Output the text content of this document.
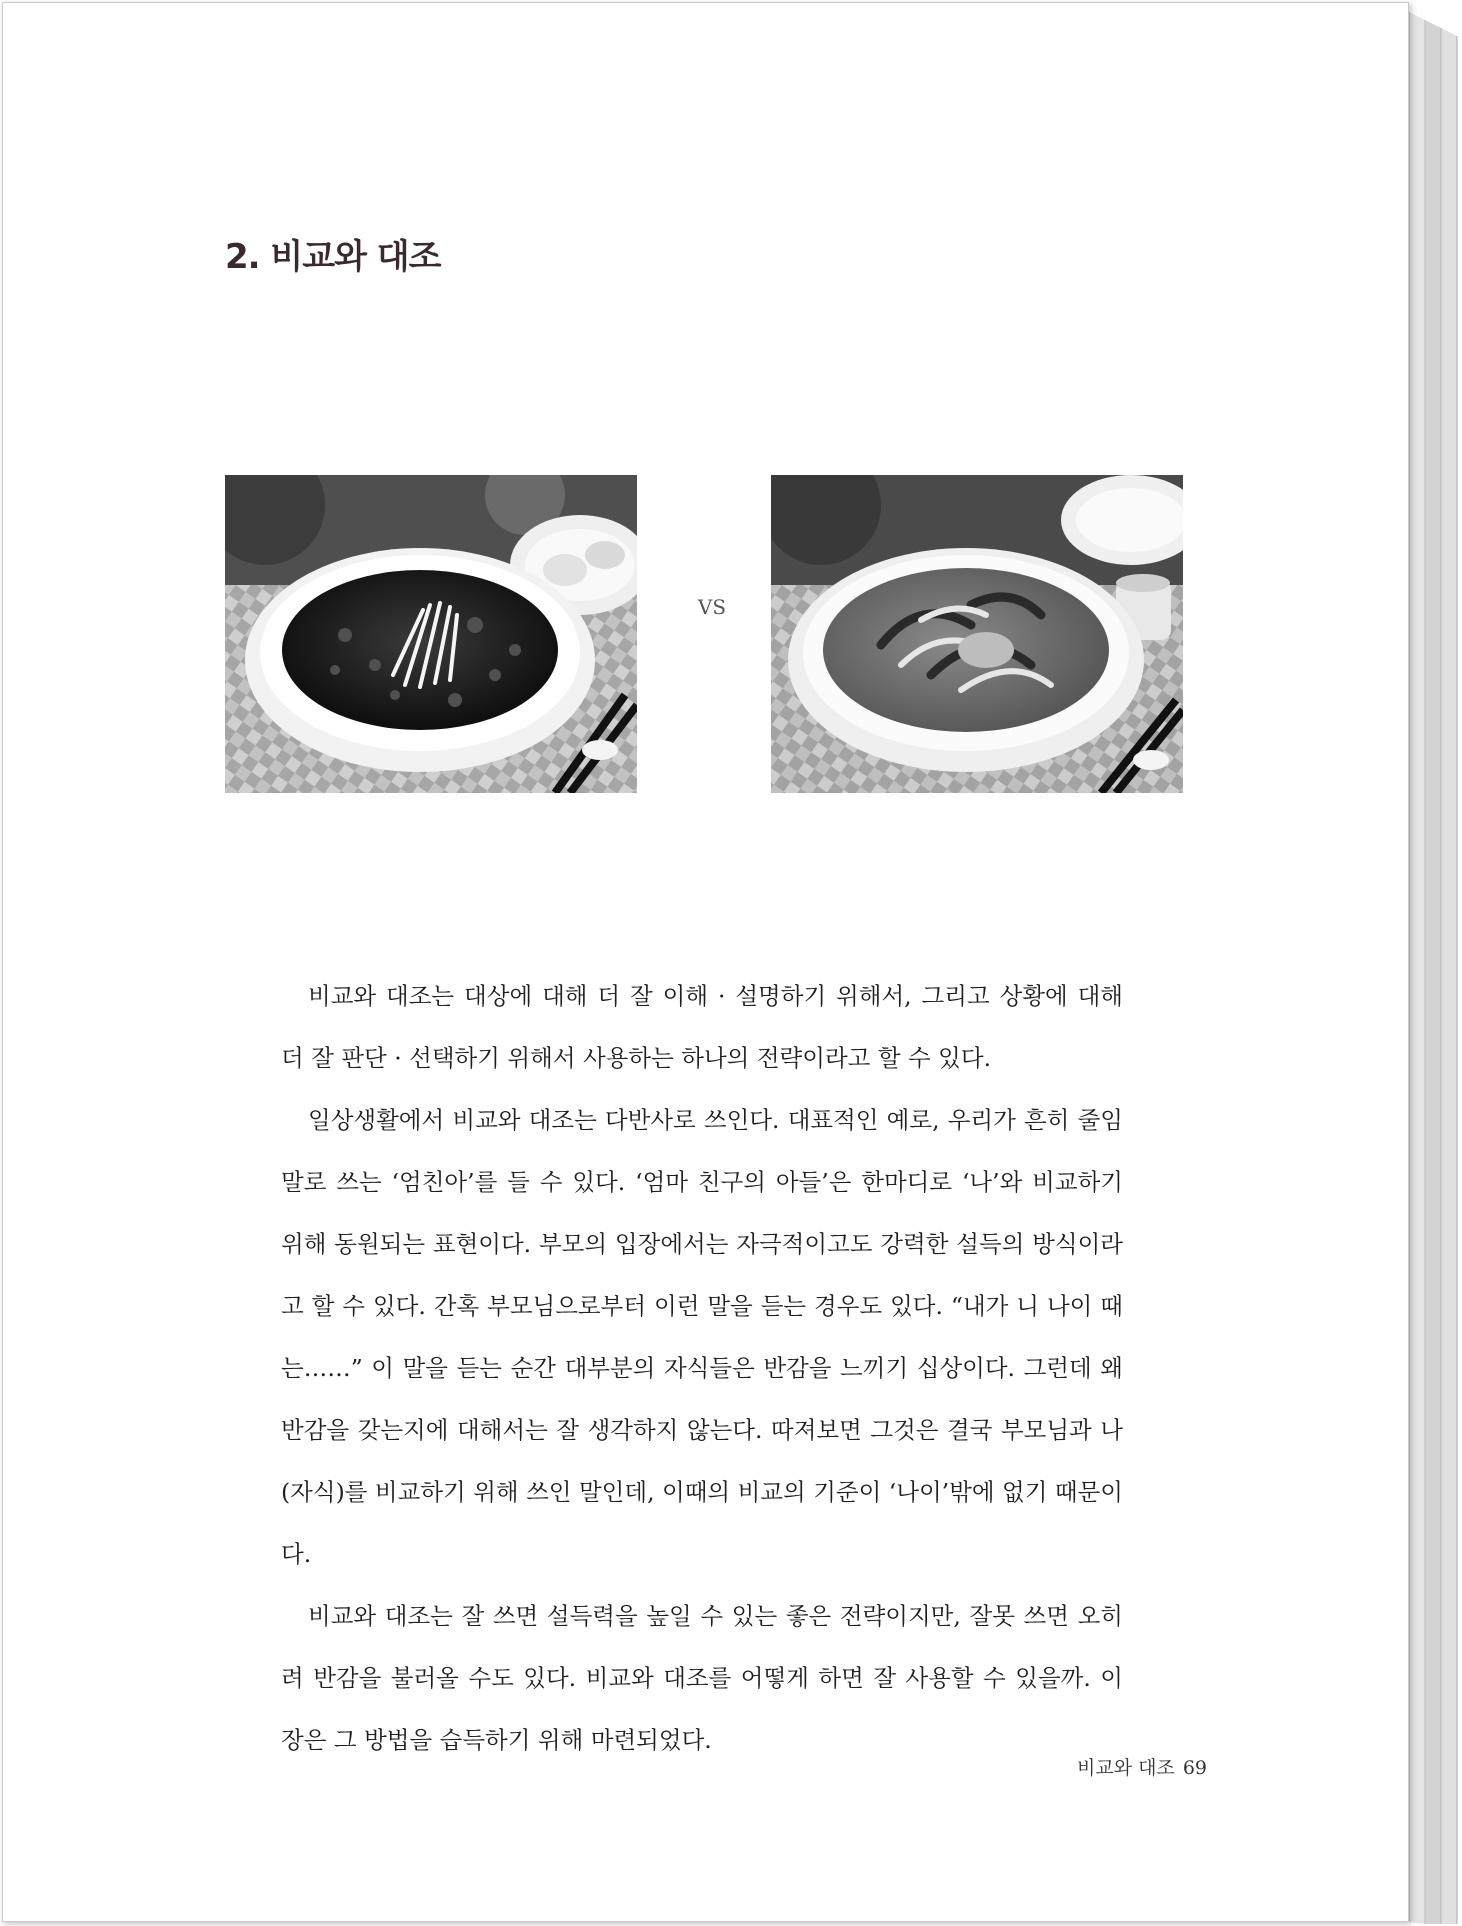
2. 비교와 대조
VS

비교와 대조는 대상에 대해 더 잘 이해 · 설명하기 위해서, 그리고 상황에 대해 더 잘 판단 · 선택하기 위해서 사용하는 하나의 전략이라고 할 수 있다.

일상생활에서 비교와 대조는 다반사로 쓰인다. 대표적인 예로, 우리가 흔히 줄임말로 쓰는 ‘엄친아’를 들 수 있다. ‘엄마 친구의 아들’은 한마디로 ‘나’와 비교하기 위해 동원되는 표현이다. 부모의 입장에서는 자극적이고도 강력한 설득의 방식이라고 할 수 있다. 간혹 부모님으로부터 이런 말을 듣는 경우도 있다. “내가 니 나이 때는……” 이 말을 듣는 순간 대부분의 자식들은 반감을 느끼기 십상이다. 그런데 왜 반감을 갖는지에 대해서는 잘 생각하지 않는다. 따져보면 그것은 결국 부모님과 나(자식)를 비교하기 위해 쓰인 말인데, 이때의 비교의 기준이 ‘나이’밖에 없기 때문이다.

비교와 대조는 잘 쓰면 설득력을 높일 수 있는 좋은 전략이지만, 잘못 쓰면 오히려 반감을 불러올 수도 있다. 비교와 대조를 어떻게 하면 잘 사용할 수 있을까. 이 장은 그 방법을 습득하기 위해 마련되었다.

비교와 대조 69
